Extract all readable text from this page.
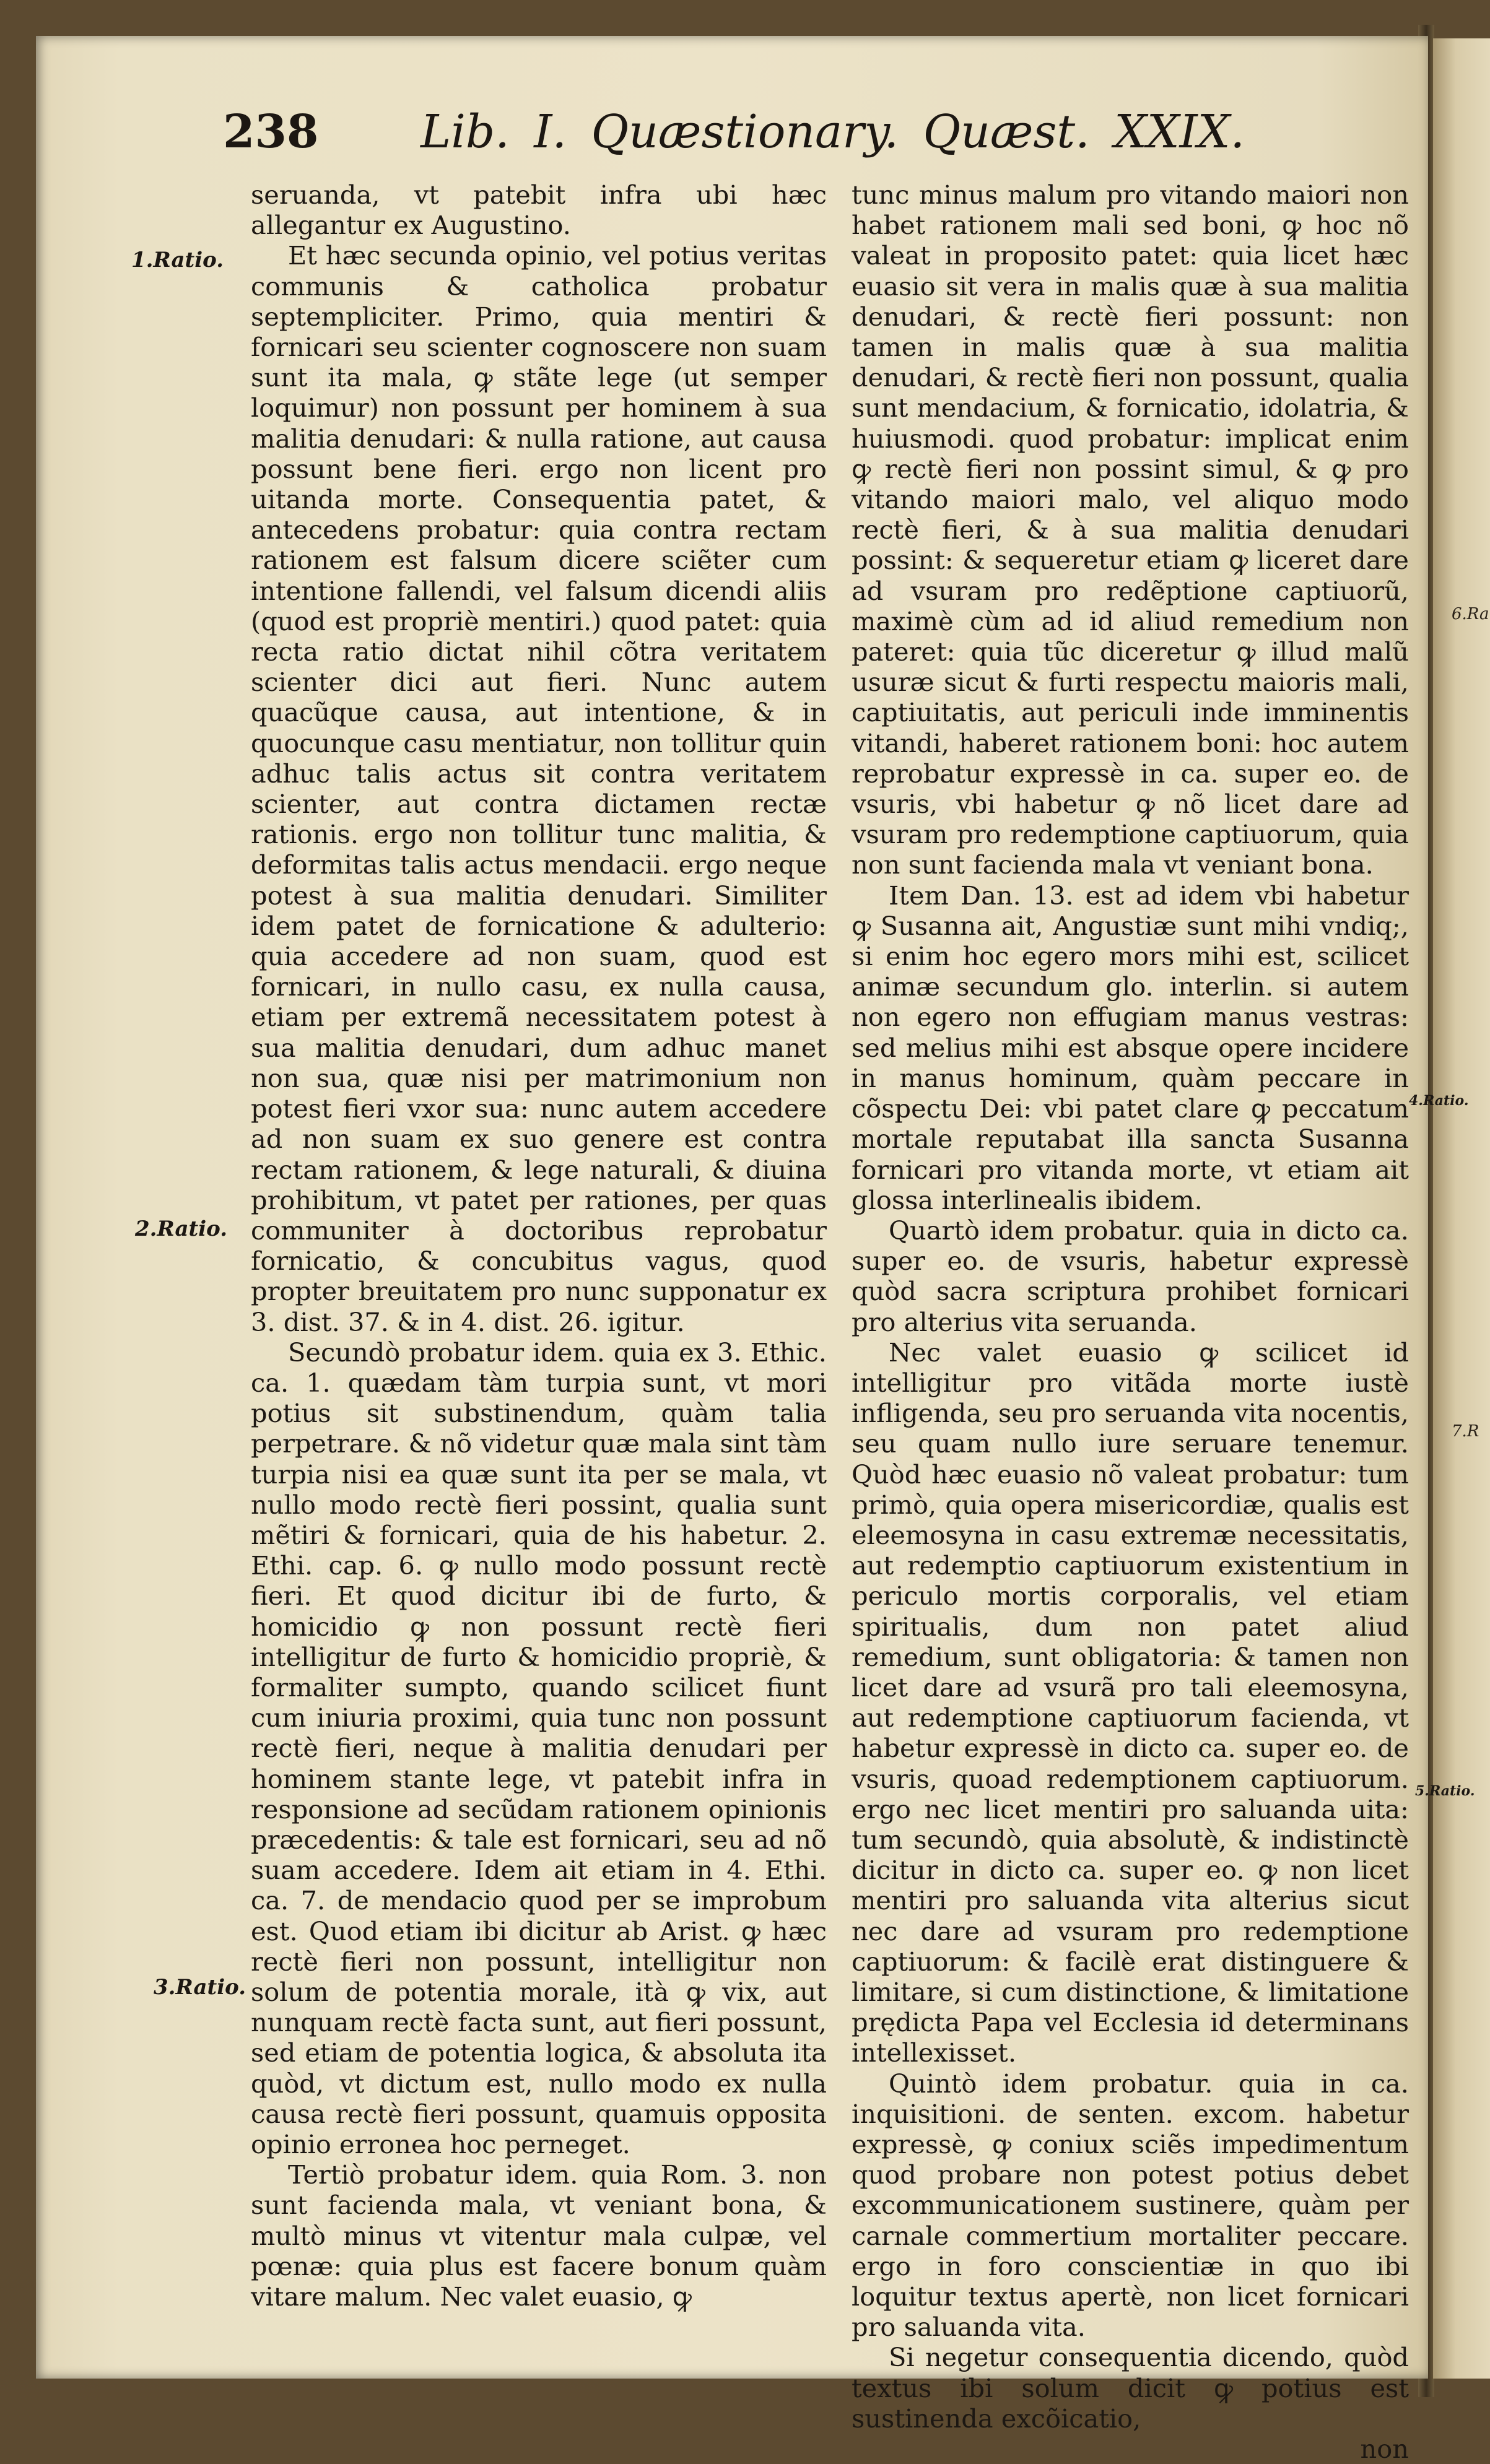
6.Ra
7.R
238 Lib. I. Quæstionary. Quæst. XXIX.
1.Ratio.
2.Ratio.
3.Ratio.
4.Ratio.
5.Ratio.

seruanda, vt patebit infra ubi hæc allegantur ex Augustino.

Et hæc secunda opinio, vel potius veritas communis & catholica probatur septempliciter. Primo, quia mentiri & fornicari seu scienter cognoscere non suam sunt ita mala, ꝙ stãte lege (ut semper loquimur) non possunt per hominem à sua malitia denudari: & nulla ratione, aut causa possunt bene fieri. ergo non licent pro uitanda morte. Consequentia patet, & antecedens probatur: quia contra rectam rationem est falsum dicere sciẽter cum intentione fallendi, vel falsum dicendi aliis (quod est propriè mentiri.) quod patet: quia recta ratio dictat nihil cõtra veritatem scienter dici aut fieri. Nunc autem quacũque causa, aut intentione, & in quocunque casu mentiatur, non tollitur quin adhuc talis actus sit contra veritatem scienter, aut contra dictamen rectæ rationis. ergo non tollitur tunc malitia, & deformitas talis actus mendacii. ergo neque potest à sua malitia denudari. Similiter idem patet de fornicatione & adulterio: quia accedere ad non suam, quod est fornicari, in nullo casu, ex nulla causa, etiam per extremã necessitatem potest à sua malitia denudari, dum adhuc manet non sua, quæ nisi per matrimonium non potest fieri vxor sua: nunc autem accedere ad non suam ex suo genere est contra rectam rationem, & lege naturali, & diuina prohibitum, vt patet per rationes, per quas communiter à doctoribus reprobatur fornicatio, & concubitus vagus, quod propter breuitatem pro nunc supponatur ex 3. dist. 37. & in 4. dist. 26. igitur.

Secundò probatur idem. quia ex 3. Ethic. ca. 1. quædam tàm turpia sunt, vt mori potius sit substinendum, quàm talia perpetrare. & nõ videtur quæ mala sint tàm turpia nisi ea quæ sunt ita per se mala, vt nullo modo rectè fieri possint, qualia sunt mẽtiri & fornicari, quia de his habetur. 2. Ethi. cap. 6. ꝙ nullo modo possunt rectè fieri. Et quod dicitur ibi de furto, & homicidio ꝙ non possunt rectè fieri intelligitur de furto & homicidio propriè, & formaliter sumpto, quando scilicet fiunt cum iniuria proximi, quia tunc non possunt rectè fieri, neque à malitia denudari per hominem stante lege, vt patebit infra in responsione ad secũdam rationem opinionis præcedentis: & tale est fornicari, seu ad nõ suam accedere. Idem ait etiam in 4. Ethi. ca. 7. de mendacio quod per se improbum est. Quod etiam ibi dicitur ab Arist. ꝙ hæc rectè fieri non possunt, intelligitur non solum de potentia morale, ità ꝙ vix, aut nunquam rectè facta sunt, aut fieri possunt, sed etiam de potentia logica, & absoluta ita quòd, vt dictum est, nullo modo ex nulla causa rectè fieri possunt, quamuis opposita opinio erronea hoc perneget.

Tertiò probatur idem. quia Rom. 3. non sunt facienda mala, vt veniant bona, & multò minus vt vitentur mala culpæ, vel pœnæ: quia plus est facere bonum quàm vitare malum. Nec valet euasio, ꝙ

tunc minus malum pro vitando maiori non habet rationem mali sed boni, ꝙ hoc nõ valeat in proposito patet: quia licet hæc euasio sit vera in malis quæ à sua malitia denudari, & rectè fieri possunt: non tamen in malis quæ à sua malitia denudari, & rectè fieri non possunt, qualia sunt mendacium, & fornicatio, idolatria, & huiusmodi. quod probatur: implicat enim ꝙ rectè fieri non possint simul, & ꝙ pro vitando maiori malo, vel aliquo modo rectè fieri, & à sua malitia denudari possint: & sequeretur etiam ꝙ liceret dare ad vsuram pro redẽptione captiuorũ, maximè cùm ad id aliud remedium non pateret: quia tũc diceretur ꝙ illud malũ usuræ sicut & furti respectu maioris mali, captiuitatis, aut periculi inde imminentis vitandi, haberet rationem boni: hoc autem reprobatur expressè in ca. super eo. de vsuris, vbi habetur ꝙ nõ licet dare ad vsuram pro redemptione captiuorum, quia non sunt facienda mala vt veniant bona.

Item Dan. 13. est ad idem vbi habetur ꝙ Susanna ait, Angustiæ sunt mihi vndiq;, si enim hoc egero mors mihi est, scilicet animæ secundum glo. interlin. si autem non egero non effugiam manus vestras: sed melius mihi est absque opere incidere in manus hominum, quàm peccare in cõspectu Dei: vbi patet clare ꝙ peccatum mortale reputabat illa sancta Susanna fornicari pro vitanda morte, vt etiam ait glossa interlinealis ibidem.

Quartò idem probatur. quia in dicto ca. super eo. de vsuris, habetur expressè quòd sacra scriptura prohibet fornicari pro alterius vita seruanda.

Nec valet euasio ꝙ scilicet id intelligitur pro vitãda morte iustè infligenda, seu pro seruanda vita nocentis, seu quam nullo iure seruare tenemur. Quòd hæc euasio nõ valeat probatur: tum primò, quia opera misericordiæ, qualis est eleemosyna in casu extremæ necessitatis, aut redemptio captiuorum existentium in periculo mortis corporalis, vel etiam spiritualis, dum non patet aliud remedium, sunt obligatoria: & tamen non licet dare ad vsurã pro tali eleemosyna, aut redemptione captiuorum facienda, vt habetur expressè in dicto ca. super eo. de vsuris, quoad redemptionem captiuorum. ergo nec licet mentiri pro saluanda uita: tum secundò, quia absolutè, & indistinctè dicitur in dicto ca. super eo. ꝙ non licet mentiri pro saluanda vita alterius sicut nec dare ad vsuram pro redemptione captiuorum: & facilè erat distinguere & limitare, si cum distinctione, & limitatione prędicta Papa vel Ecclesia id determinans intellexisset.

Quintò idem probatur. quia in ca. inquisitioni. de senten. excom. habetur expressè, ꝙ coniux sciẽs impedimentum quod probare non potest potius debet excommunicationem sustinere, quàm per carnale commertium mortaliter peccare. ergo in foro conscientiæ in quo ibi loquitur textus apertè, non licet fornicari pro saluanda vita.

Si negetur consequentia dicendo, quòd textus ibi solum dicit ꝙ potius est sustinenda excõicatio,

non
